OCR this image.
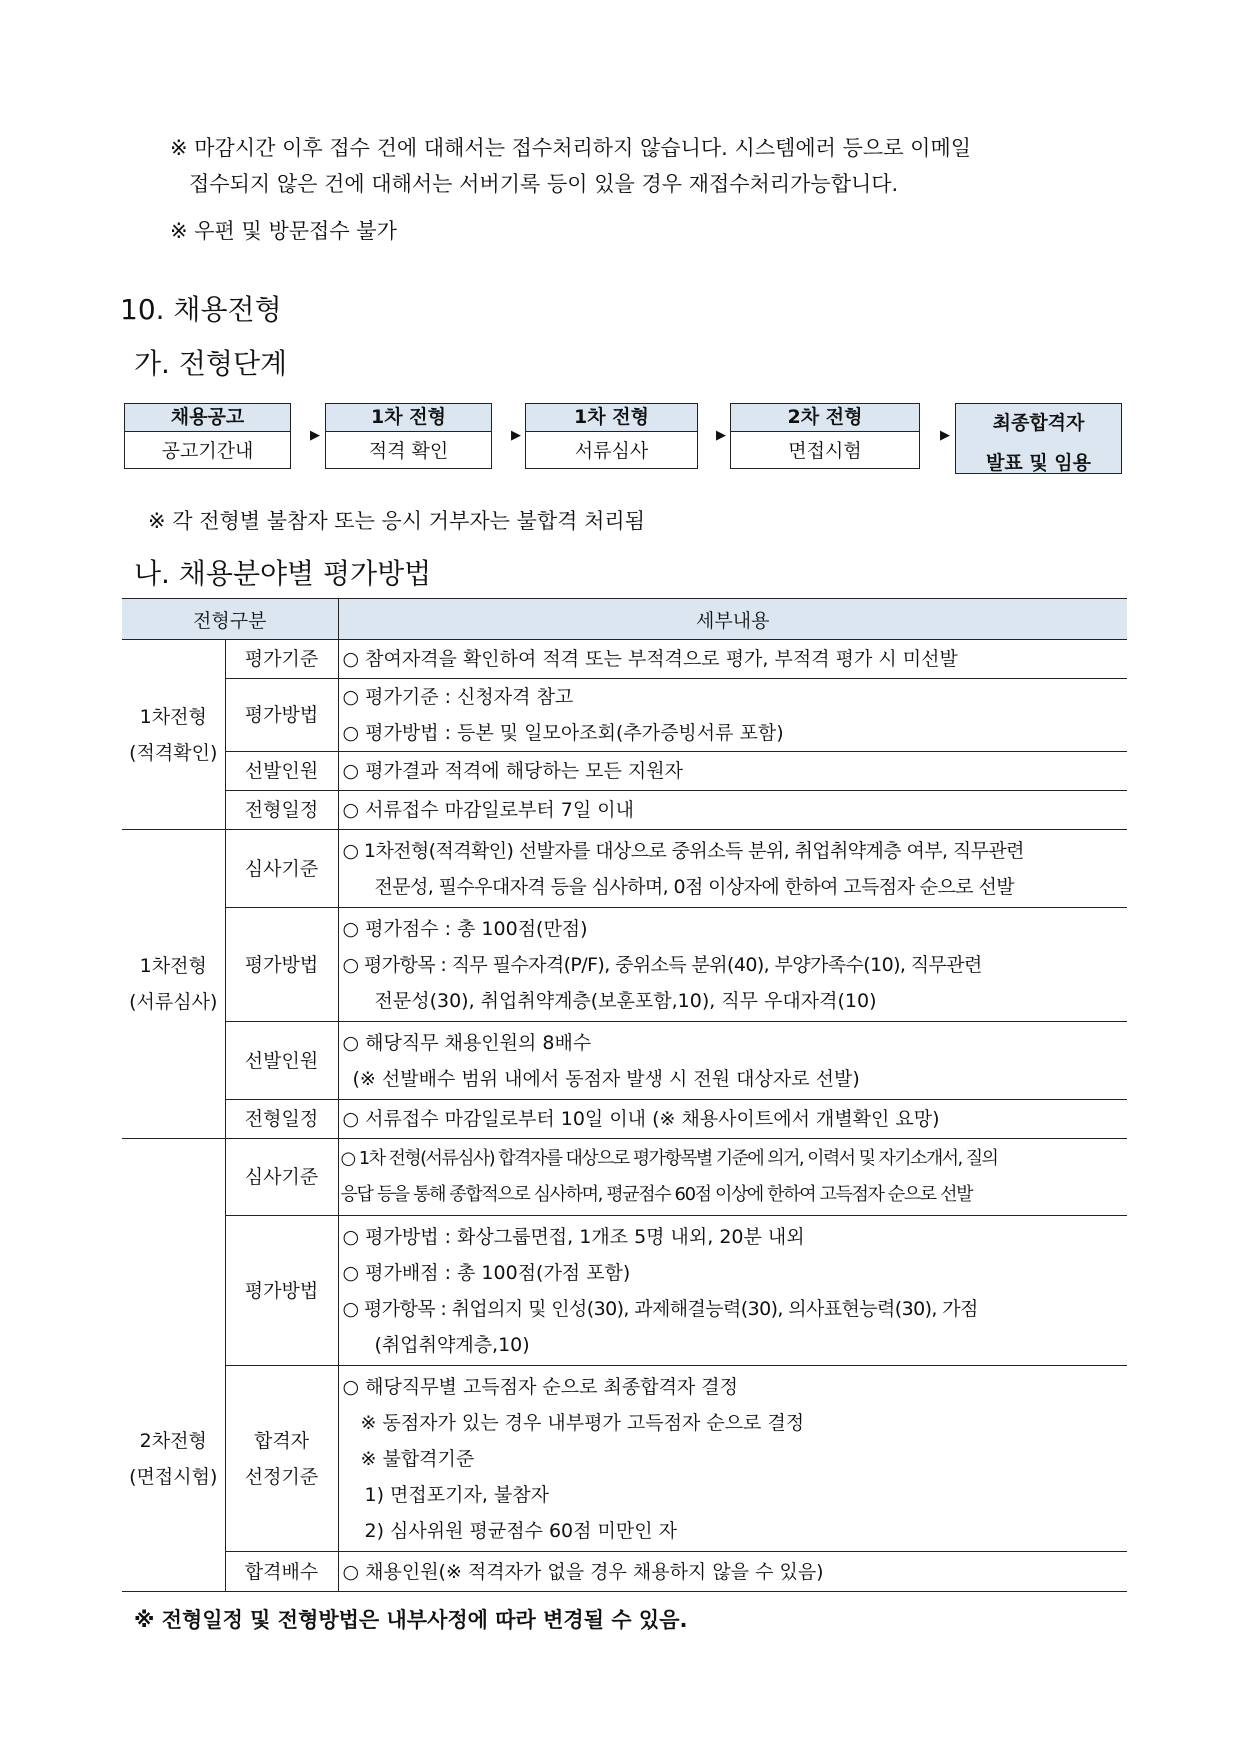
※ 마감시간 이후 접수 건에 대해서는 접수처리하지 않습니다. 시스템에러 등으로 이메일
접수되지 않은 건에 대해서는 서버기록 등이 있을 경우 재접수처리가능합니다.
※ 우편 및 방문접수 불가
10. 채용전형
가. 전형단계
채용공고
공고기간내
▶
1차 전형
적격 확인
▶
1차 전형
서류심사
▶
2차 전형
면접시험
▶
최종합격자
발표 및 임용
※ 각 전형별 불참자 또는 응시 거부자는 불합격 처리됨
나. 채용분야별 평가방법
전형구분		세부내용

1차전형
(적격확인)	평가기준	○ 참여자격을 확인하여 적격 또는 부적격으로 평가, 부적격 평가 시 미선발

	평가방법	○ 평가기준 : 신청자격 참고
○ 평가방법 : 등본 및 일모아조회(추가증빙서류 포함)

	선발인원	○ 평가결과 적격에 해당하는 모든 지원자

	전형일정	○ 서류접수 마감일로부터 7일 이내

1차전형
(서류심사)	심사기준	○ 1차전형(적격확인) 선발자를 대상으로 중위소득 분위, 취업취약계층 여부, 직무관련
전문성, 필수우대자격 등을 심사하며, 0점 이상자에 한하여 고득점자 순으로 선발

	평가방법	○ 평가점수 : 총 100점(만점)
○ 평가항목 : 직무 필수자격(P/F), 중위소득 분위(40), 부양가족수(10), 직무관련
전문성(30), 취업취약계층(보훈포함,10), 직무 우대자격(10)

	선발인원	○ 해당직무 채용인원의 8배수
(※ 선발배수 범위 내에서 동점자 발생 시 전원 대상자로 선발)

	전형일정	○ 서류접수 마감일로부터 10일 이내 (※ 채용사이트에서 개별확인 요망)

2차전형
(면접시험)	심사기준	○ 1차 전형(서류심사) 합격자를 대상으로 평가항목별 기준에 의거, 이력서 및 자기소개서, 질의
응답 등을 통해 종합적으로 심사하며, 평균점수 60점 이상에 한하여 고득점자 순으로 선발

	평가방법	○ 평가방법 : 화상그룹면접, 1개조 5명 내외, 20분 내외
○ 평가배점 : 총 100점(가점 포함)
○ 평가항목 : 취업의지 및 인성(30), 과제해결능력(30), 의사표현능력(30), 가점
(취업취약계층,10)

	합격자
선정기준	○ 해당직무별 고득점자 순으로 최종합격자 결정
※ 동점자가 있는 경우 내부평가 고득점자 순으로 결정
※ 불합격기준
1) 면접포기자, 불참자
2) 심사위원 평균점수 60점 미만인 자

	합격배수	○ 채용인원(※ 적격자가 없을 경우 채용하지 않을 수 있음)
※ 전형일정 및 전형방법은 내부사정에 따라 변경될 수 있음.
